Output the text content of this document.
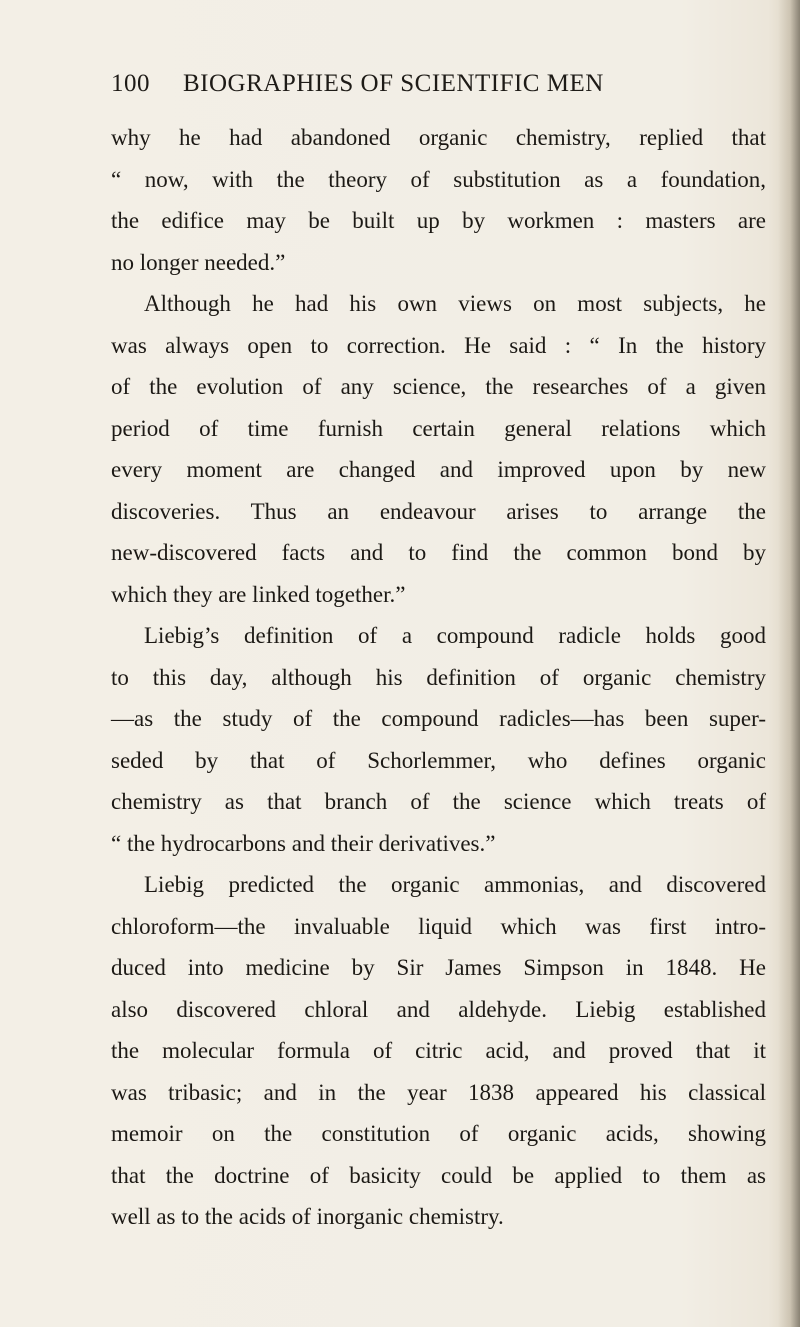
100 BIOGRAPHIES OF SCIENTIFIC MEN
why he had abandoned organic chemistry, replied that
“ now, with the theory of substitution as a foundation,
the edifice may be built up by workmen : masters are
no longer needed.”
Although he had his own views on most subjects, he
was always open to correction. He said : “ In the history
of the evolution of any science, the researches of a given
period of time furnish certain general relations which
every moment are changed and improved upon by new
discoveries. Thus an endeavour arises to arrange the
new-discovered facts and to find the common bond by
which they are linked together.”
Liebig’s definition of a compound radicle holds good
to this day, although his definition of organic chemistry
—as the study of the compound radicles—has been super-
seded by that of Schorlemmer, who defines organic
chemistry as that branch of the science which treats of
“ the hydrocarbons and their derivatives.”
Liebig predicted the organic ammonias, and discovered
chloroform—the invaluable liquid which was first intro-
duced into medicine by Sir James Simpson in 1848. He
also discovered chloral and aldehyde. Liebig established
the molecular formula of citric acid, and proved that it
was tribasic; and in the year 1838 appeared his classical
memoir on the constitution of organic acids, showing
that the doctrine of basicity could be applied to them as
well as to the acids of inorganic chemistry.
